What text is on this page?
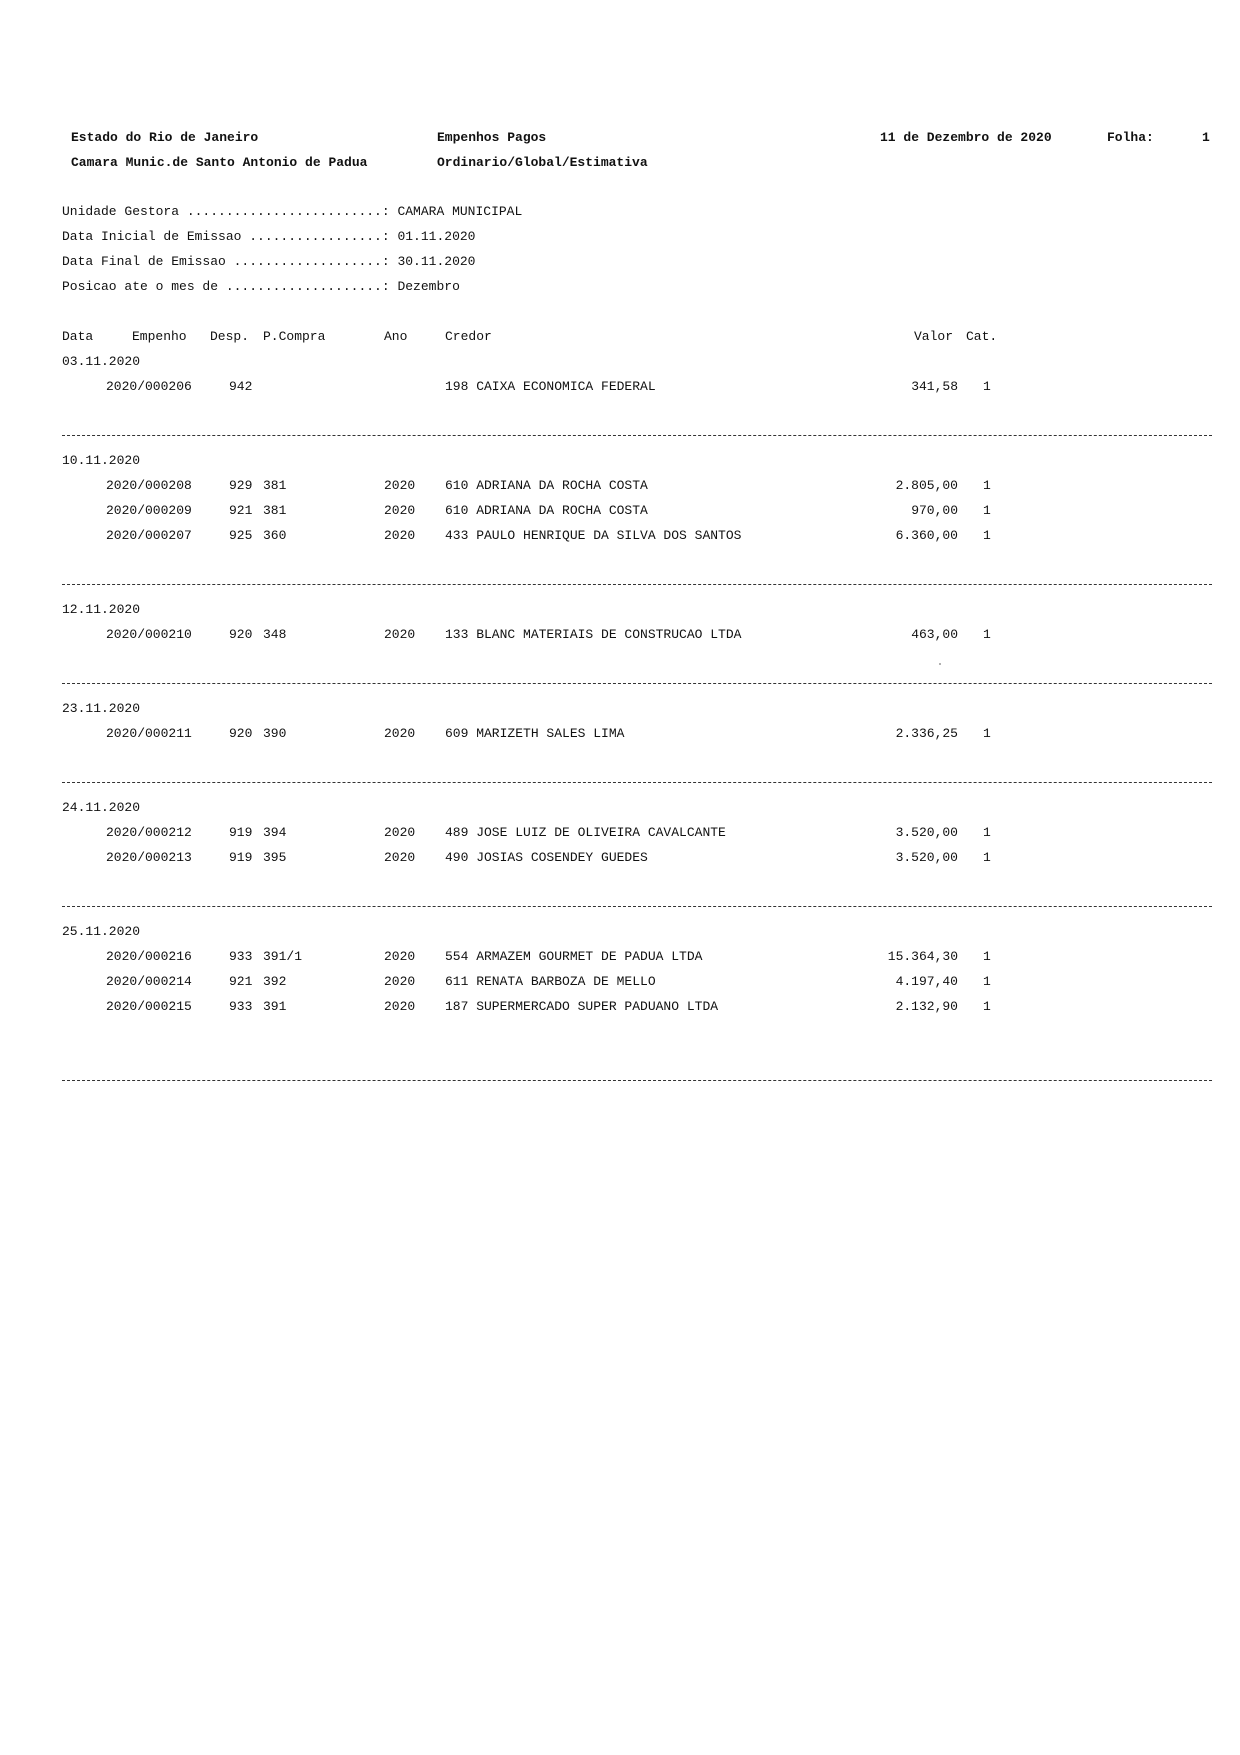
Estado do Rio de Janeiro
Camara Munic.de Santo Antonio de Padua
Empenhos Pagos
Ordinario/Global/Estimativa
11 de Dezembro de 2020	Folha:	1
Unidade Gestora .........................: CAMARA MUNICIPAL
Data Inicial de Emissao .................: 01.11.2020
Data Final de Emissao ...................: 30.11.2020
Posicao ate o mes de ....................: Dezembro
Data	Empenho Desp. P.Compra	Ano	Credor	Valor Cat.
03.11.2020
2020/000206	942	198 CAIXA ECONOMICA FEDERAL	341,58 1
10.11.2020
2020/000208	929 381	2020 610 ADRIANA DA ROCHA COSTA	2.805,00 1
2020/000209	921 381	2020 610 ADRIANA DA ROCHA COSTA	970,00 1
2020/000207	925 360	2020 433 PAULO HENRIQUE DA SILVA DOS SANTOS	6.360,00 1
12.11.2020
2020/000210	920 348	2020 133 BLANC MATERIAIS DE CONSTRUCAO LTDA	463,00 1
23.11.2020
2020/000211	920 390	2020 609 MARIZETH SALES LIMA	2.336,25 1
24.11.2020
2020/000212	919 394	2020 489 JOSE LUIZ DE OLIVEIRA CAVALCANTE	3.520,00 1
2020/000213	919 395	2020 490 JOSIAS COSENDEY GUEDES	3.520,00 1
25.11.2020
2020/000216	933 391/1	2020 554 ARMAZEM GOURMET DE PADUA LTDA	15.364,30 1
2020/000214	921 392	2020 611 RENATA BARBOZA DE MELLO	4.197,40 1
2020/000215	933 391	2020 187 SUPERMERCADO SUPER PADUANO LTDA	2.132,90 1
